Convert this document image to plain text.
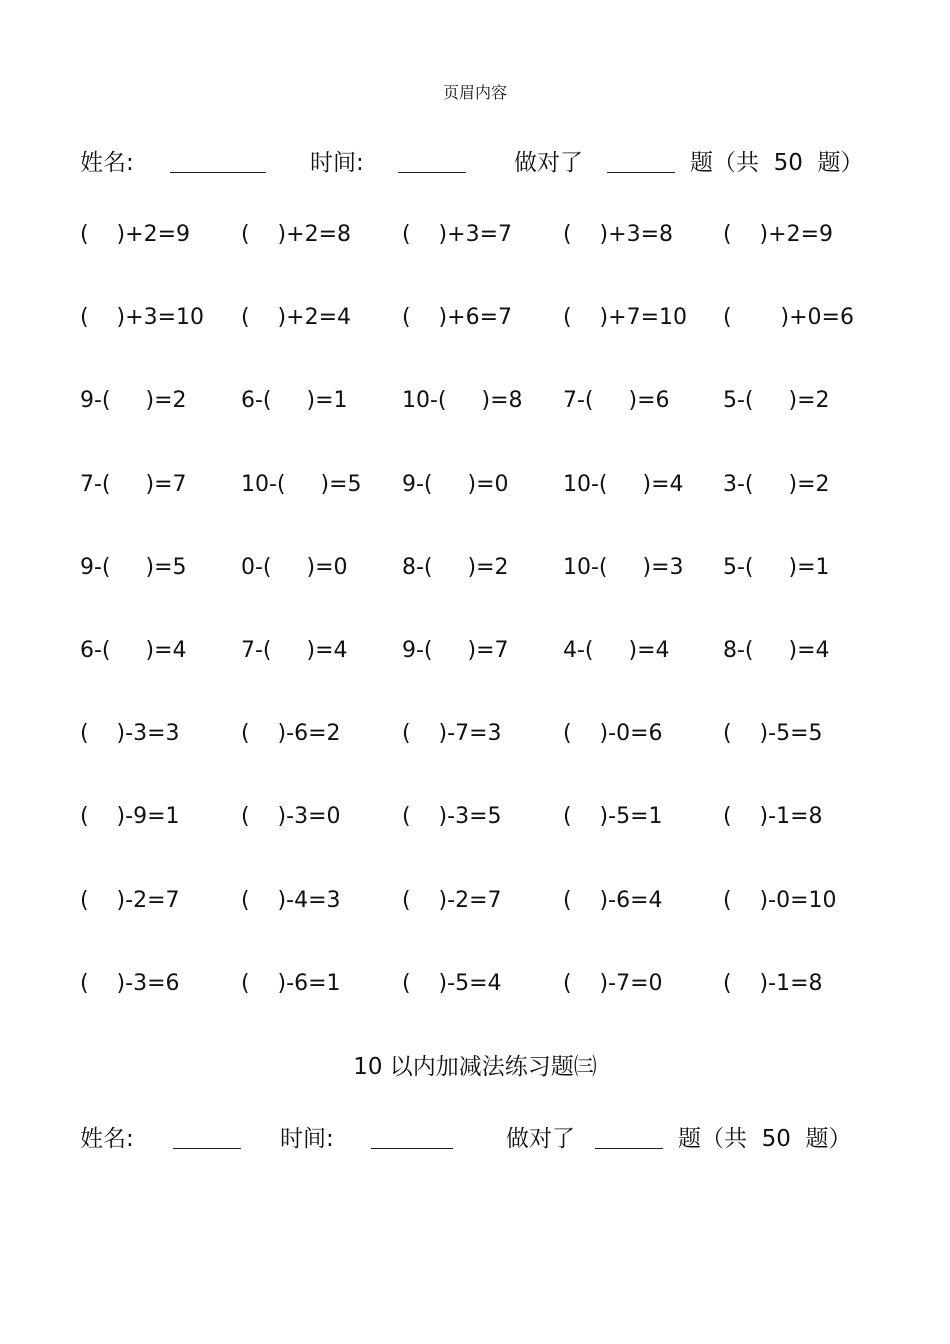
页眉内容
姓名:	时间:	做对了	题（共  50  题）
(    )+2=9 (    )+2=8 (    )+3=7 (    )+3=8 (    )+2=9
(    )+3=10 (    )+2=4 (    )+6=7 (    )+7=10 (       )+0=6
9-(     )=2 6-(     )=1 10-(     )=8 7-(     )=6 5-(     )=2
7-(     )=7 10-(     )=5 9-(     )=0 10-(     )=4 3-(     )=2
9-(     )=5 0-(     )=0 8-(     )=2 10-(     )=3 5-(     )=1
6-(     )=4 7-(     )=4 9-(     )=7 4-(     )=4 8-(     )=4
(    )-3=3	(    )-6=2	(    )-7=3	(    )-0=6	(    )-5=5
(    )-9=1	(    )-3=0	(    )-3=5	(    )-5=1	(    )-1=8
(    )-2=7	(    )-4=3	(    )-2=7	(    )-6=4	(    )-0=10
(    )-3=6	(    )-6=1	(    )-5=4	(    )-7=0	(    )-1=8
10 以内加减法练习题㈢
姓名:	时间:	做对了	题（共  50  题）
